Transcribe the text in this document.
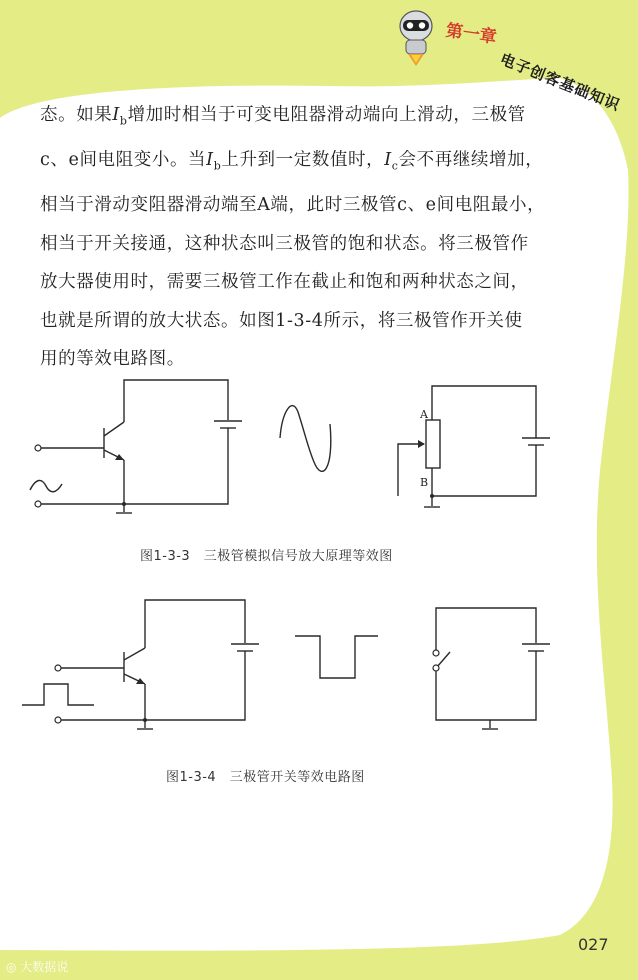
第一章
电子创客基础知识
态。如果$I_b$增加时相当于可变电阻器滑动端向上滑动，三极管
c、e间电阻变小。当$I_b$上升到一定数值时，$I_c$会不再继续增加，
相当于滑动变阻器滑动端至A端，此时三极管c、e间电阻最小，
相当于开关接通，这种状态叫三极管的饱和状态。将三极管作
放大器使用时，需要三极管工作在截止和饱和两种状态之间，
也就是所谓的放大状态。如图1-3-4所示，将三极管作开关使
用的等效电路图。
A
B
图1-3-3　三极管模拟信号放大原理等效图
图1-3-4　三极管开关等效电路图
027
◎ 大数据说
